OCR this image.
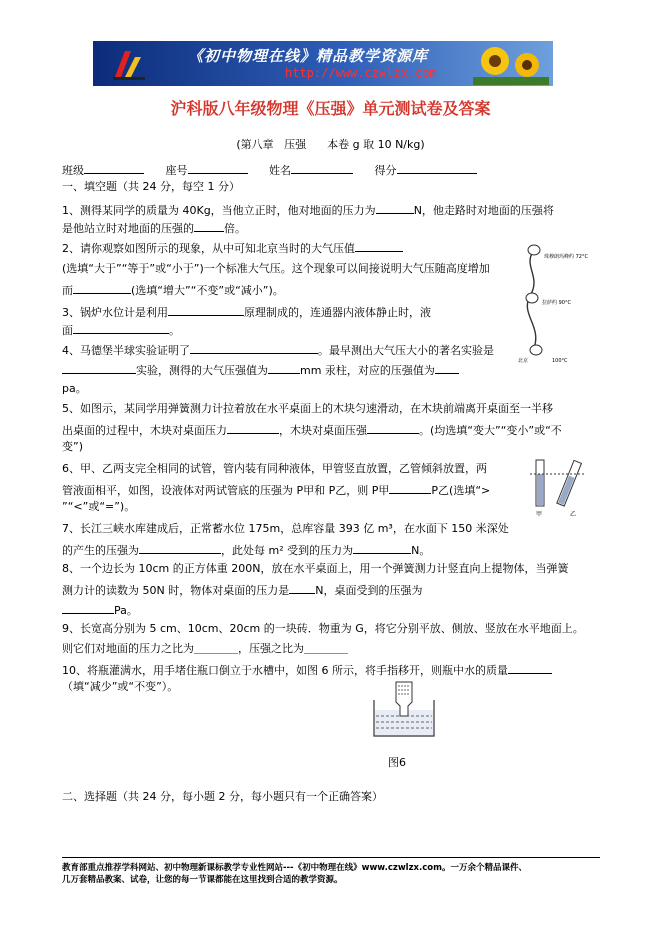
《初中物理在线》精品教学资源库
http://www.czwlzx.com
沪科版八年级物理《压强》单元测试卷及答案
(第八章   压强      本卷 g 取 10 N/kg)
班级	座号	姓名	得分
一、填空题（共 24 分，每空 1 分）
1、测得某同学的质量为 40Kg，当他立正时，他对地面的压力为	N，他走路时对地面的压强将
是他站立时对地面的压强的	倍。
2、请你观察如图所示的现象，从中可知北京当时的大气压值
(选填“大于”“等于”或“小于”)一个标准大气压。这个现象可以间接说明大气压随高度增加
而	(选填“增大”“不变”或“减小”)。
珠穆朗玛峰约 72°C
拉萨约 90°C
北京	100°C
3、锅炉水位计是利用	原理制成的，连通器内液体静止时，液
面	。
4、马德堡半球实验证明了	。最早测出大气压大小的著名实验是
实验，测得的大气压强值为	mm 汞柱，对应的压强值为
pa。
5、如图示，某同学用弹簧测力计拉着放在水平桌面上的木块匀速滑动，在木块前端离开桌面至一半移
出桌面的过程中，木块对桌面压力	，木块对桌面压强	。(均选填“变大”“变小”或“不
变”)
6、甲、乙两支完全相同的试管，管内装有同种液体，甲管竖直放置，乙管倾斜放置，两
管液面相平，如图，设液体对两试管底的压强为 P甲和 P乙，则 P甲	P乙(选填“>
”“<”或“=”)。
甲	乙
7、长江三峡水库建成后，正常蓄水位 175m，总库容量 393 亿 m³，在水面下 150 米深处
的产生的压强为	，此处每 m² 受到的压力为	N。
8、一个边长为 10cm 的正方体重 200N，放在水平桌面上，用一个弹簧测力计竖直向上提物体，当弹簧
测力计的读数为 50N 时，物体对桌面的压力是 N，桌面受到的压强为
Pa。
9、长宽高分别为 5 cm、10cm、20cm 的一块砖．物重为 G，将它分别平放、侧放、竖放在水平地面上。
则它们对地面的压力之比为＿＿＿＿，压强之比为＿＿＿＿
10、将瓶灌满水，用手堵住瓶口倒立于水槽中，如图 6 所示，将手指移开，则瓶中水的质量
（填“减少”或“不变”）。
图6
二、选择题（共 24 分，每小题 2 分，每小题只有一个正确答案）
教育部重点推荐学科网站、初中物理新课标教学专业性网站---《初中物理在线》www.czwlzx.com。一万余个精品课件、
几万套精品教案、试卷，让您的每一节课都能在这里找到合适的教学资源。
